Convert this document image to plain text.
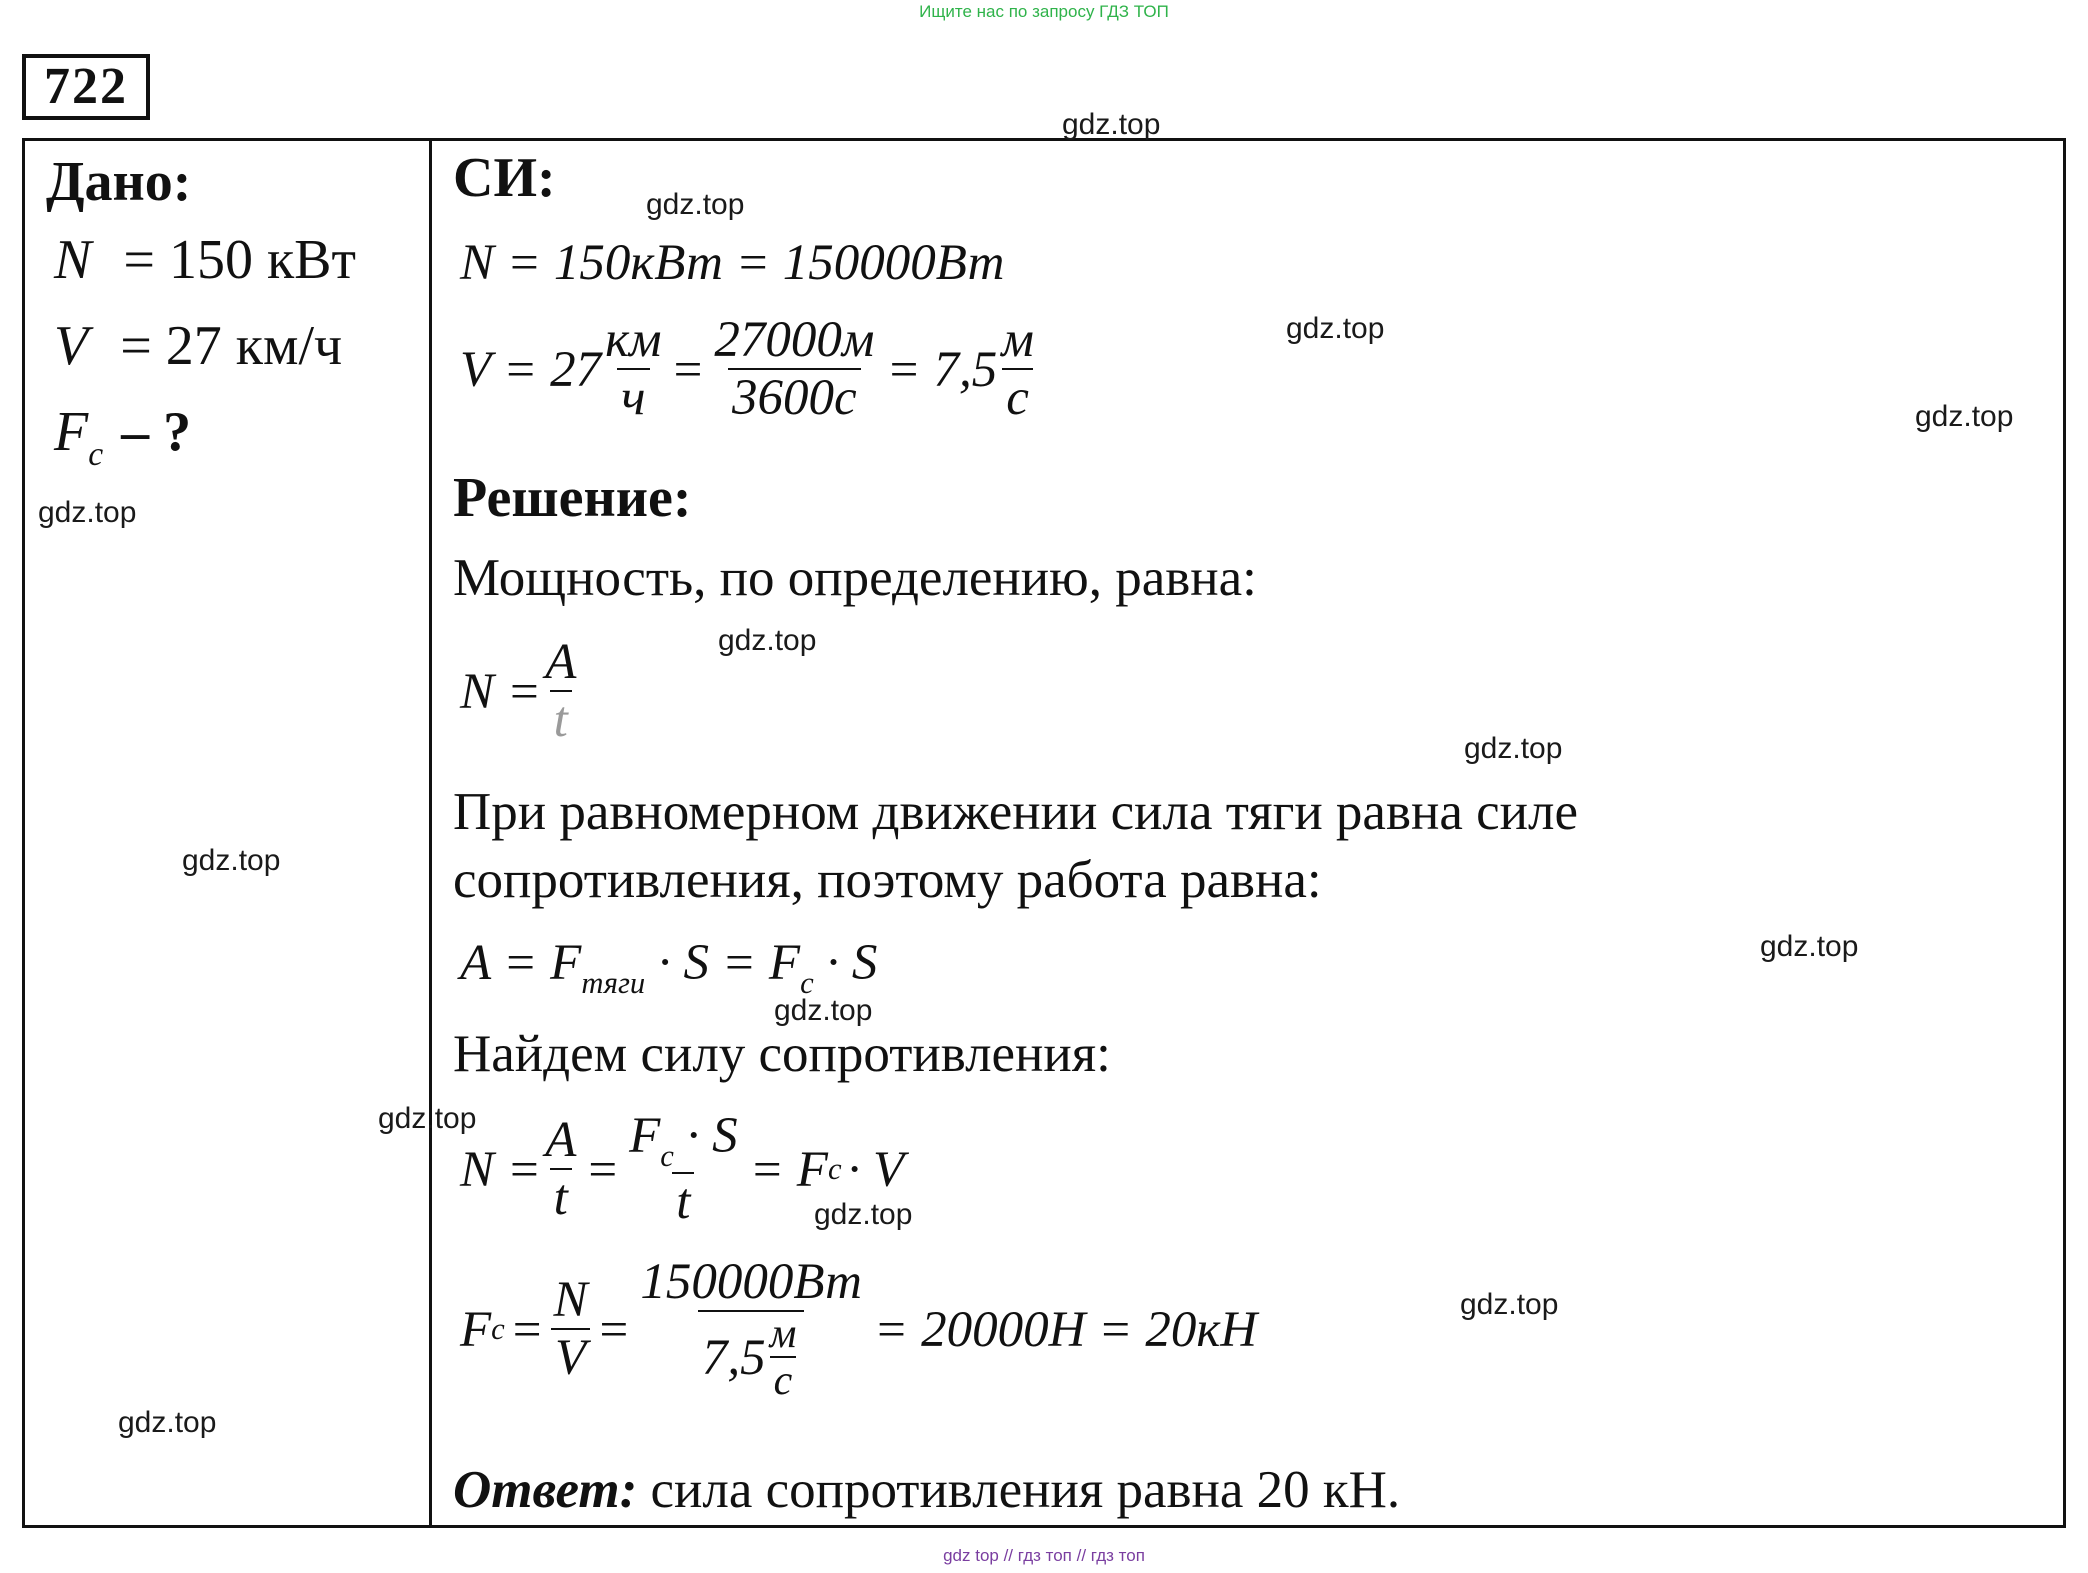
Ищите нас по запросу ГДЗ ТОП
722
Дано:
N = 150 кВт
V = 27 км/ч
$F_с$ – ?
СИ:
N = 150кВт = 150000Вт
$V = 27 \frac{км}{ч} = \frac{27000м}{3600с} = 7,5 \frac{м}{с}$
Решение:
Мощность, по определению, равна:
$N = \frac{A}{t}$
При равномерном движении сила тяги равна силе
сопротивления, поэтому работа равна:
$A = F_{тяги} \cdot S = F_с \cdot S$
Найдем силу сопротивления:
$N = \frac{A}{t} = \frac{F_с \cdot S}{t} = F$ с · V
F $с = \frac{N}{V} = \frac{150000Вт}{7,5 \frac{м}{с}} = 20000Н = 20кН$
Ответ: сила сопротивления равна 20 кН.
gdz.top
gdz.top
gdz.top
gdz.top
gdz.top
gdz.top
gdz.top
gdz.top
gdz.top
gdz.top
gdz.top
gdz.top
gdz.top
gdz.top
gdz top // гдз топ // гдз топ
